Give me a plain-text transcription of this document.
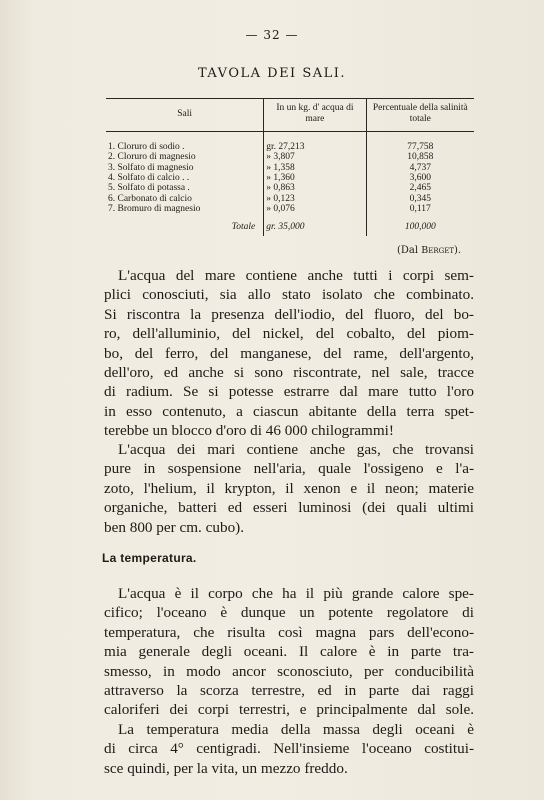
— 32 —
TAVOLA DEI SALI.
Sali	In un kg. d' acqua di mare	Percentuale della salinità totale
1. Cloruro di sodio .	gr. 27,213	77,758
2. Cloruro di magnesio	» 3,807	10,858
3. Solfato di magnesio	» 1,358	4,737
4. Solfato di calcio . .	» 1,360	3,600
5. Solfato di potassa .	» 0,863	2,465
6. Carbonato di calcio	» 0,123	0,345
7. Bromuro di magnesio	» 0,076	0,117
Totale	gr. 35,000	100,000
(Dal Berget).
L'acqua del mare contiene anche tutti i corpi sem-
plici conosciuti, sia allo stato isolato che combinato.
Si riscontra la presenza dell'iodio, del fluoro, del bo-
ro, dell'alluminio, del nickel, del cobalto, del piom-
bo, del ferro, del manganese, del rame, dell'argento,
dell'oro, ed anche si sono riscontrate, nel sale, tracce
di radium. Se si potesse estrarre dal mare tutto l'oro
in esso contenuto, a ciascun abitante della terra spet-
terebbe un blocco d'oro di 46 000 chilogrammi!
L'acqua dei mari contiene anche gas, che trovansi
pure in sospensione nell'aria, quale l'ossigeno e l'a-
zoto, l'helium, il krypton, il xenon e il neon; materie
organiche, batteri ed esseri luminosi (dei quali ultimi
ben 800 per cm. cubo).
La temperatura.
L'acqua è il corpo che ha il più grande calore spe-
cifico; l'oceano è dunque un potente regolatore di
temperatura, che risulta così magna pars dell'econo-
mia generale degli oceani. Il calore è in parte tra-
smesso, in modo ancor sconosciuto, per conducibilità
attraverso la scorza terrestre, ed in parte dai raggi
caloriferi dei corpi terrestri, e principalmente dal sole.
La temperatura media della massa degli oceani è
di circa 4° centigradi. Nell'insieme l'oceano costitui-
sce quindi, per la vita, un mezzo freddo.
